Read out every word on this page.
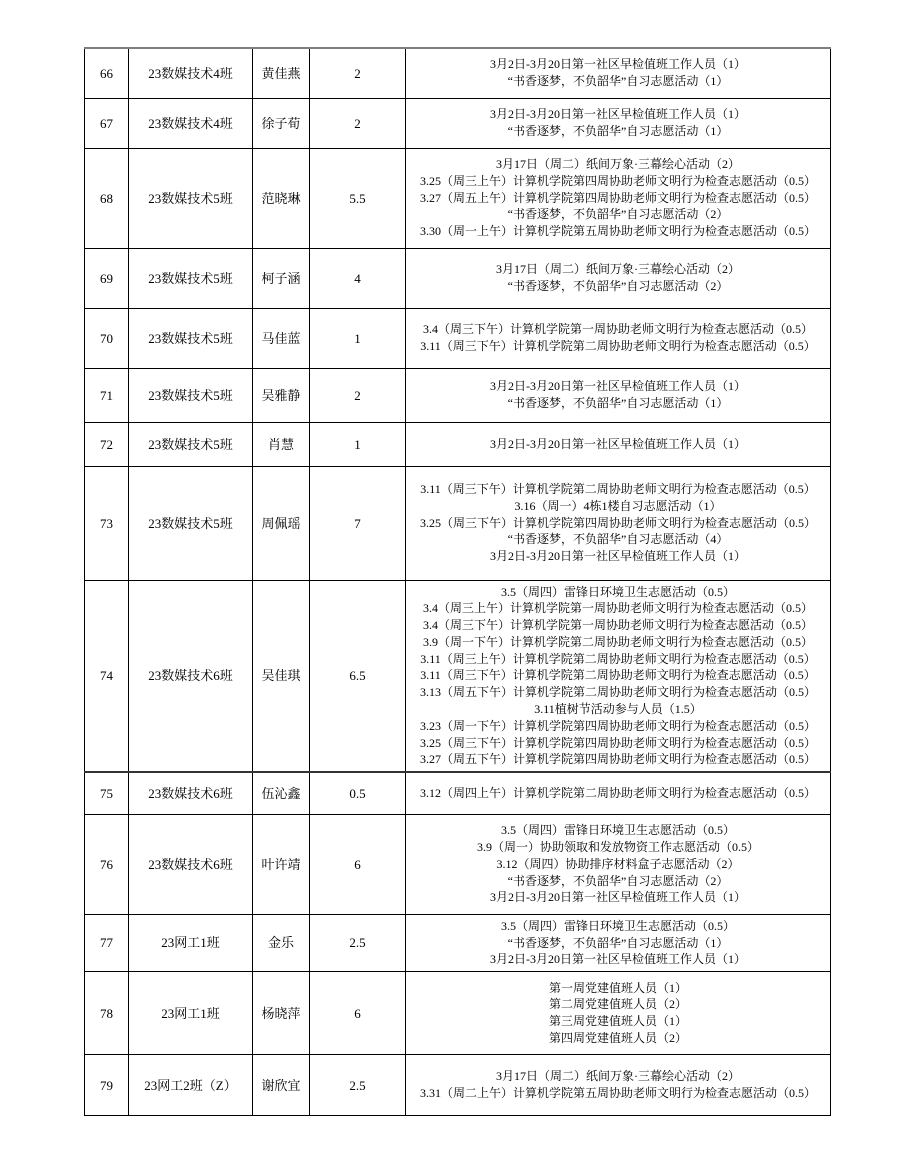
66	23数媒技术4班	黄佳燕	2	3月2日-3月20日第一社区早检值班工作人员（1）
“书香逐梦，不负韶华”自习志愿活动（1）

67	23数媒技术4班	徐子荀	2	3月2日-3月20日第一社区早检值班工作人员（1）
“书香逐梦，不负韶华”自习志愿活动（1）

68	23数媒技术5班	范晓琳	5.5	3月17日（周二）纸间万象·三幕绘心活动（2）
3.25（周三上午）计算机学院第四周协助老师文明行为检查志愿活动（0.5）
3.27（周五上午）计算机学院第四周协助老师文明行为检查志愿活动（0.5）
“书香逐梦，不负韶华”自习志愿活动（2）
3.30（周一上午）计算机学院第五周协助老师文明行为检查志愿活动（0.5）

69	23数媒技术5班	柯子涵	4	3月17日（周二）纸间万象·三幕绘心活动（2）
“书香逐梦，不负韶华”自习志愿活动（2）

70	23数媒技术5班	马佳蓝	1	3.4（周三下午）计算机学院第一周协助老师文明行为检查志愿活动（0.5）
3.11（周三下午）计算机学院第二周协助老师文明行为检查志愿活动（0.5）

71	23数媒技术5班	吴雅静	2	3月2日-3月20日第一社区早检值班工作人员（1）
“书香逐梦，不负韶华”自习志愿活动（1）

72	23数媒技术5班	肖慧	1	3月2日-3月20日第一社区早检值班工作人员（1）

73	23数媒技术5班	周佩瑶	7	3.11（周三下午）计算机学院第二周协助老师文明行为检查志愿活动（0.5）
3.16（周一）4栋1楼自习志愿活动（1）
3.25（周三下午）计算机学院第四周协助老师文明行为检查志愿活动（0.5）
“书香逐梦，不负韶华”自习志愿活动（4）
3月2日-3月20日第一社区早检值班工作人员（1）

74	23数媒技术6班	吴佳琪	6.5	
3.5（周四）雷锋日环境卫生志愿活动（0.5）
3.4（周三上午）计算机学院第一周协助老师文明行为检查志愿活动（0.5）
3.4（周三下午）计算机学院第一周协助老师文明行为检查志愿活动（0.5）
3.9（周一下午）计算机学院第二周协助老师文明行为检查志愿活动（0.5）
3.11（周三上午）计算机学院第二周协助老师文明行为检查志愿活动（0.5）
3.11（周三下午）计算机学院第二周协助老师文明行为检查志愿活动（0.5）
3.13（周五下午）计算机学院第二周协助老师文明行为检查志愿活动（0.5）
3.11植树节活动参与人员（1.5）
3.23（周一下午）计算机学院第四周协助老师文明行为检查志愿活动（0.5）
3.25（周三下午）计算机学院第四周协助老师文明行为检查志愿活动（0.5）
3.27（周五下午）计算机学院第四周协助老师文明行为检查志愿活动（0.5）

75	23数媒技术6班	伍沁鑫	0.5	3.12（周四上午）计算机学院第二周协助老师文明行为检查志愿活动（0.5）

76	23数媒技术6班	叶许靖	6	3.5（周四）雷锋日环境卫生志愿活动（0.5）
3.9（周一）协助领取和发放物资工作志愿活动（0.5）
3.12（周四）协助排序材料盒子志愿活动（2）
“书香逐梦，不负韶华”自习志愿活动（2）
3月2日-3月20日第一社区早检值班工作人员（1）

77	23网工1班	金乐	2.5	3.5（周四）雷锋日环境卫生志愿活动（0.5）
“书香逐梦，不负韶华”自习志愿活动（1）
3月2日-3月20日第一社区早检值班工作人员（1）

78	23网工1班	杨晓萍	6	第一周党建值班人员（1）
第二周党建值班人员（2）
第三周党建值班人员（1）
第四周党建值班人员（2）

79	23网工2班（Z）	谢欣宜	2.5	3月17日（周二）纸间万象·三幕绘心活动（2）
3.31（周二上午）计算机学院第五周协助老师文明行为检查志愿活动（0.5）
